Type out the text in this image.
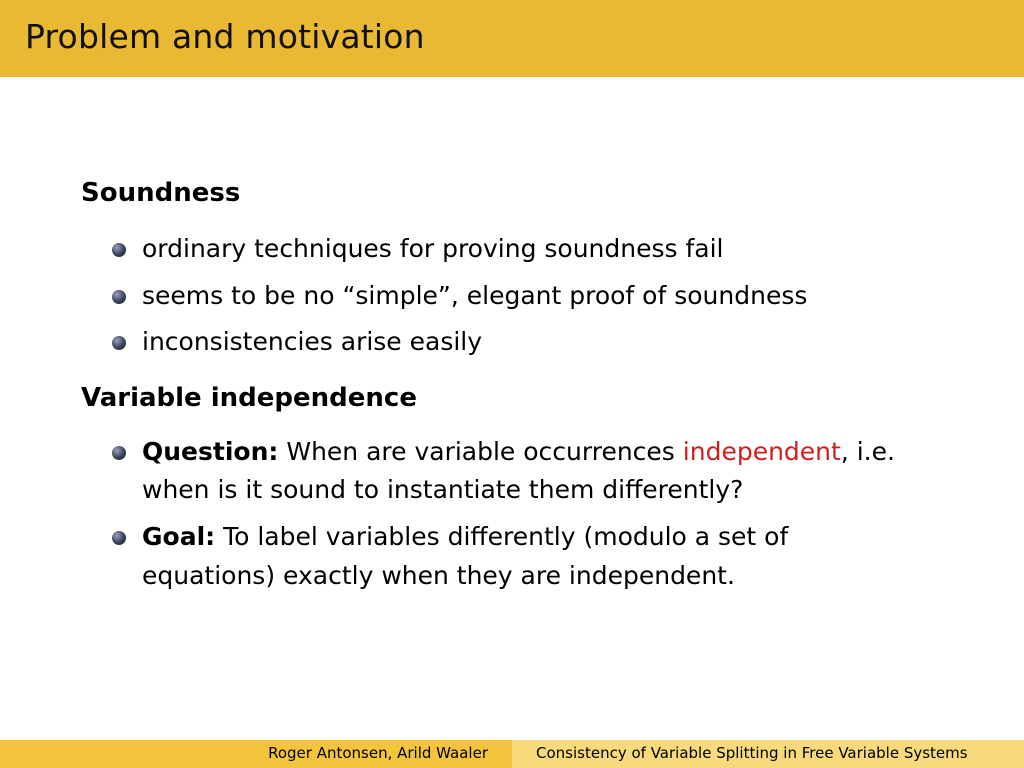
Problem and motivation
Soundness
ordinary techniques for proving soundness fail
seems to be no “simple”, elegant proof of soundness
inconsistencies arise easily
Variable independence
Question: When are variable occurrences independent, i.e.
when is it sound to instantiate them differently?
Goal: To label variables differently (modulo a set of
equations) exactly when they are independent.
Roger Antonsen, Arild Waaler	Consistency of Variable Splitting in Free Variable Systems
